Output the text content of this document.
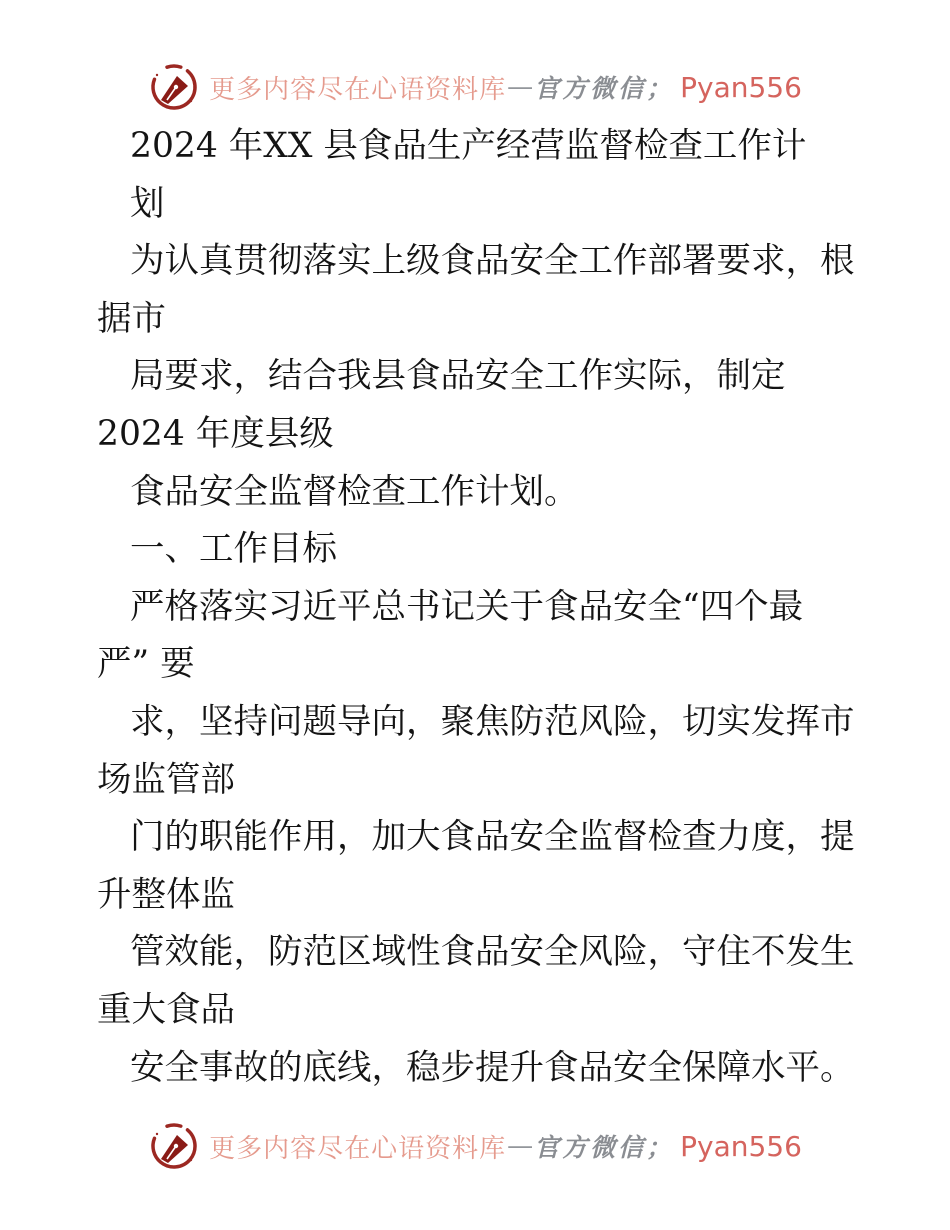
更多内容尽在心语资料库 — 官方微信； Pyan556
2024 年XX 县食品生产经营监督检查工作计
划
为认真贯彻落实上级食品安全工作部署要求，根
据市
局要求，结合我县食品安全工作实际，制定
2024 年度县级
食品安全监督检查工作计划。
一、工作目标
严格落实习近平总书记关于食品安全“四个最
严” 要
求，坚持问题导向，聚焦防范风险，切实发挥市
场监管部
门的职能作用，加大食品安全监督检查力度，提
升整体监
管效能，防范区域性食品安全风险，守住不发生
重大食品
安全事故的底线，稳步提升食品安全保障水平。
更多内容尽在心语资料库 — 官方微信； Pyan556
